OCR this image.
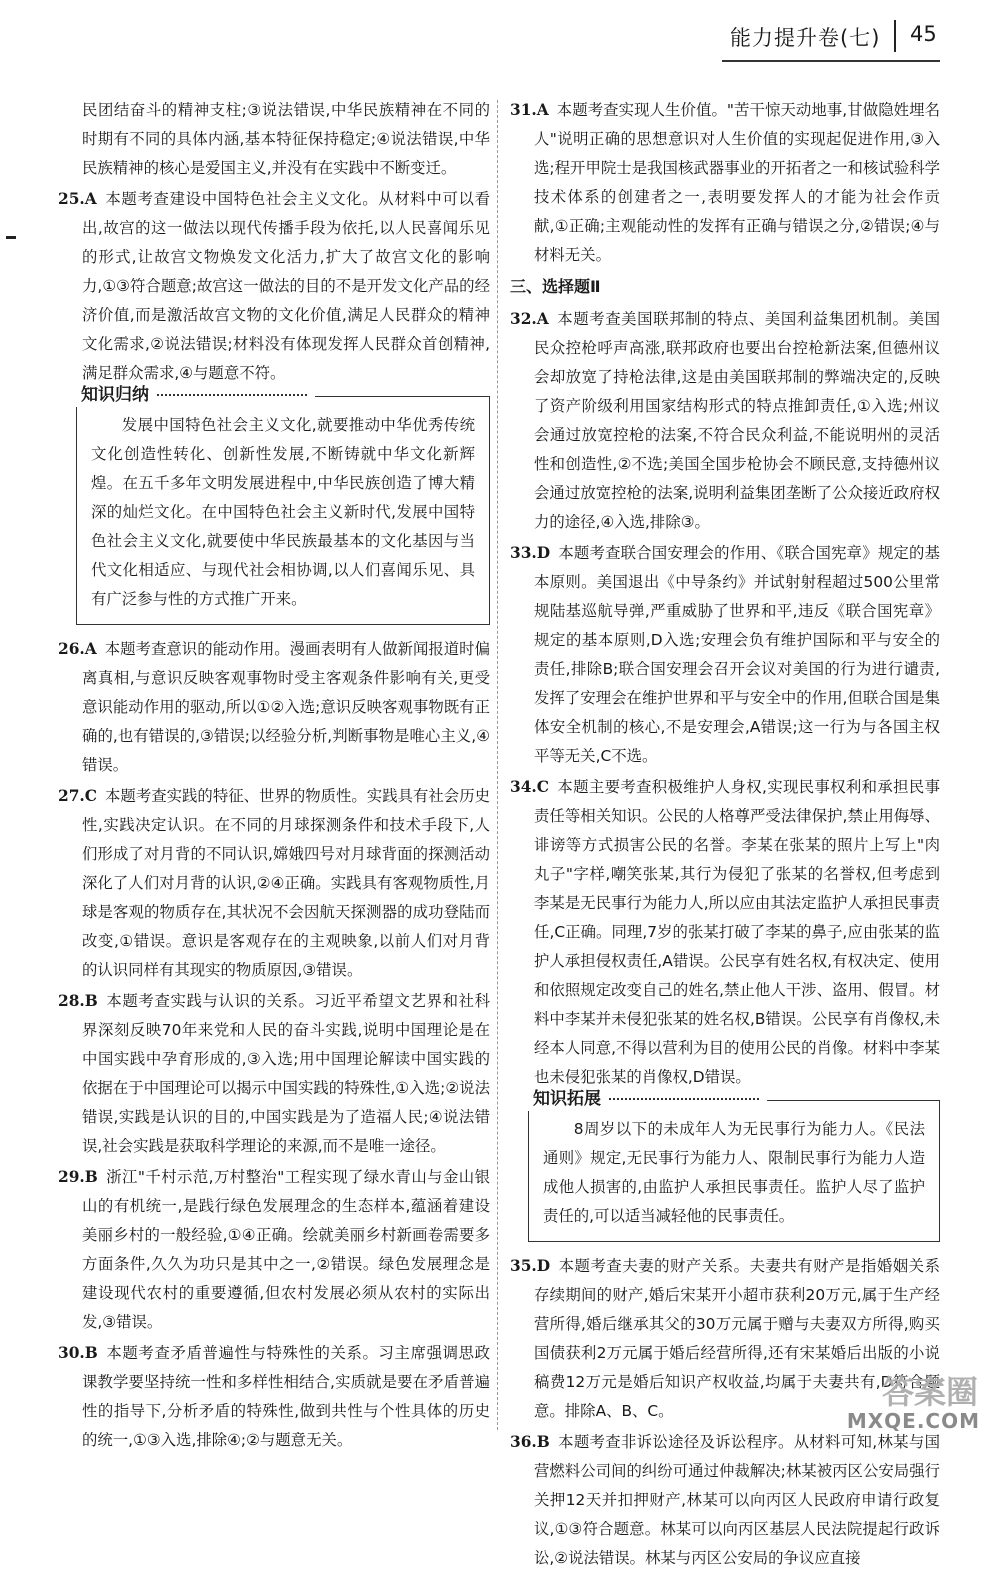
能力提升卷(七) 45

民团结奋斗的精神支柱;③说法错误,中华民族精神在不同的时期有不同的具体内涵,基本特征保持稳定;④说法错误,中华民族精神的核心是爱国主义,并没有在实践中不断变迁。

25.A 本题考查建设中国特色社会主义文化。从材料中可以看出,故宫的这一做法以现代传播手段为依托,以人民喜闻乐见的形式,让故宫文物焕发文化活力,扩大了故宫文化的影响力,①③符合题意;故宫这一做法的目的不是开发文化产品的经济价值,而是激活故宫文物的文化价值,满足人民群众的精神文化需求,②说法错误;材料没有体现发挥人民群众首创精神,满足群众需求,④与题意不符。

知识归纳

发展中国特色社会主义文化,就要推动中华优秀传统文化创造性转化、创新性发展,不断铸就中华文化新辉煌。在五千多年文明发展进程中,中华民族创造了博大精深的灿烂文化。在中国特色社会主义新时代,发展中国特色社会主义文化,就要使中华民族最基本的文化基因与当代文化相适应、与现代社会相协调,以人们喜闻乐见、具有广泛参与性的方式推广开来。

26.A 本题考查意识的能动作用。漫画表明有人做新闻报道时偏离真相,与意识反映客观事物时受主客观条件影响有关,更受意识能动作用的驱动,所以①②入选;意识反映客观事物既有正确的,也有错误的,③错误;以经验分析,判断事物是唯心主义,④错误。

27.C 本题考查实践的特征、世界的物质性。实践具有社会历史性,实践决定认识。在不同的月球探测条件和技术手段下,人们形成了对月背的不同认识,嫦娥四号对月球背面的探测活动深化了人们对月背的认识,②④正确。实践具有客观物质性,月球是客观的物质存在,其状况不会因航天探测器的成功登陆而改变,①错误。意识是客观存在的主观映象,以前人们对月背的认识同样有其现实的物质原因,③错误。

28.B 本题考查实践与认识的关系。习近平希望文艺界和社科界深刻反映70年来党和人民的奋斗实践,说明中国理论是在中国实践中孕育形成的,③入选;用中国理论解读中国实践的依据在于中国理论可以揭示中国实践的特殊性,①入选;②说法错误,实践是认识的目的,中国实践是为了造福人民;④说法错误,社会实践是获取科学理论的来源,而不是唯一途径。

29.B 浙江"千村示范,万村整治"工程实现了绿水青山与金山银山的有机统一,是践行绿色发展理念的生态样本,蕴涵着建设美丽乡村的一般经验,①④正确。绘就美丽乡村新画卷需要多方面条件,久久为功只是其中之一,②错误。绿色发展理念是建设现代农村的重要遵循,但农村发展必须从农村的实际出发,③错误。

30.B 本题考查矛盾普遍性与特殊性的关系。习主席强调思政课教学要坚持统一性和多样性相结合,实质就是要在矛盾普遍性的指导下,分析矛盾的特殊性,做到共性与个性具体的历史的统一,①③入选,排除④;②与题意无关。

31.A 本题考查实现人生价值。"苦干惊天动地事,甘做隐姓埋名人"说明正确的思想意识对人生价值的实现起促进作用,③入选;程开甲院士是我国核武器事业的开拓者之一和核试验科学技术体系的创建者之一,表明要发挥人的才能为社会作贡献,①正确;主观能动性的发挥有正确与错误之分,②错误;④与材料无关。

三、选择题Ⅱ

32.A 本题考查美国联邦制的特点、美国利益集团机制。美国民众控枪呼声高涨,联邦政府也要出台控枪新法案,但德州议会却放宽了持枪法律,这是由美国联邦制的弊端决定的,反映了资产阶级利用国家结构形式的特点推卸责任,①入选;州议会通过放宽控枪的法案,不符合民众利益,不能说明州的灵活性和创造性,②不选;美国全国步枪协会不顾民意,支持德州议会通过放宽控枪的法案,说明利益集团垄断了公众接近政府权力的途径,④入选,排除③。

33.D 本题考查联合国安理会的作用、《联合国宪章》规定的基本原则。美国退出《中导条约》并试射射程超过500公里常规陆基巡航导弹,严重威胁了世界和平,违反《联合国宪章》规定的基本原则,D入选;安理会负有维护国际和平与安全的责任,排除B;联合国安理会召开会议对美国的行为进行谴责,发挥了安理会在维护世界和平与安全中的作用,但联合国是集体安全机制的核心,不是安理会,A错误;这一行为与各国主权平等无关,C不选。

34.C 本题主要考查积极维护人身权,实现民事权利和承担民事责任等相关知识。公民的人格尊严受法律保护,禁止用侮辱、诽谤等方式损害公民的名誉。李某在张某的照片上写上"肉丸子"字样,嘲笑张某,其行为侵犯了张某的名誉权,但考虑到李某是无民事行为能力人,所以应由其法定监护人承担民事责任,C正确。同理,7岁的张某打破了李某的鼻子,应由张某的监护人承担侵权责任,A错误。公民享有姓名权,有权决定、使用和依照规定改变自己的姓名,禁止他人干涉、盗用、假冒。材料中李某并未侵犯张某的姓名权,B错误。公民享有肖像权,未经本人同意,不得以营利为目的使用公民的肖像。材料中李某也未侵犯张某的肖像权,D错误。

知识拓展

8周岁以下的未成年人为无民事行为能力人。《民法通则》规定,无民事行为能力人、限制民事行为能力人造成他人损害的,由监护人承担民事责任。监护人尽了监护责任的,可以适当减轻他的民事责任。

35.D 本题考查夫妻的财产关系。夫妻共有财产是指婚姻关系存续期间的财产,婚后宋某开小超市获利20万元,属于生产经营所得,婚后继承其父的30万元属于赠与夫妻双方所得,购买国债获利2万元属于婚后经营所得,还有宋某婚后出版的小说稿费12万元是婚后知识产权收益,均属于夫妻共有,D符合题意。排除A、B、C。

36.B 本题考查非诉讼途径及诉讼程序。从材料可知,林某与国营燃料公司间的纠纷可通过仲裁解决;林某被丙区公安局强行关押12天并扣押财产,林某可以向丙区人民政府申请行政复议,①③符合题意。林某可以向丙区基层人民法院提起行政诉讼,②说法错误。林某与丙区公安局的争议应直接

答案圈
MXQE.COM
